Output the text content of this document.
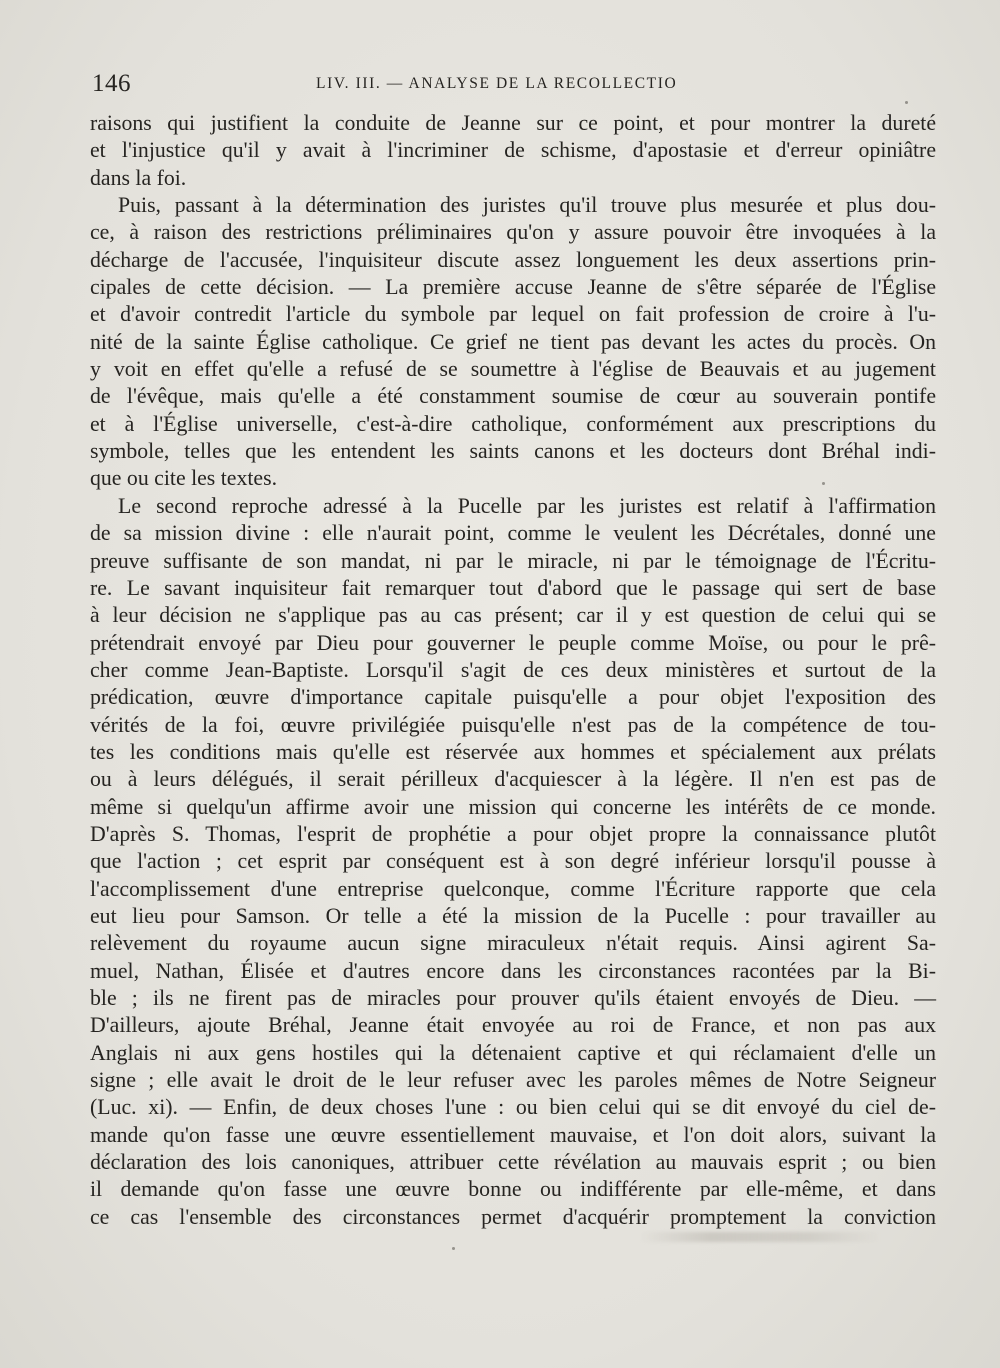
146	LIV. III. — ANALYSE DE LA RECOLLECTIO

raisons qui justifient la conduite de Jeanne sur ce point, et pour montrer la dureté
et l'injustice qu'il y avait à l'incriminer de schisme, d'apostasie et d'erreur opiniâtre
dans la foi.

Puis, passant à la détermination des juristes qu'il trouve plus mesurée et plus dou-
ce, à raison des restrictions préliminaires qu'on y assure pouvoir être invoquées à la
décharge de l'accusée, l'inquisiteur discute assez longuement les deux assertions prin-
cipales de cette décision. — La première accuse Jeanne de s'être séparée de l'Église
et d'avoir contredit l'article du symbole par lequel on fait profession de croire à l'u-
nité de la sainte Église catholique. Ce grief ne tient pas devant les actes du procès. On
y voit en effet qu'elle a refusé de se soumettre à l'église de Beauvais et au jugement
de l'évêque, mais qu'elle a été constamment soumise de cœur au souverain pontife
et à l'Église universelle, c'est-à-dire catholique, conformément aux prescriptions du
symbole, telles que les entendent les saints canons et les docteurs dont Bréhal indi-
que ou cite les textes.

Le second reproche adressé à la Pucelle par les juristes est relatif à l'affirmation
de sa mission divine : elle n'aurait point, comme le veulent les Décrétales, donné une
preuve suffisante de son mandat, ni par le miracle, ni par le témoignage de l'Écritu-
re. Le savant inquisiteur fait remarquer tout d'abord que le passage qui sert de base
à leur décision ne s'applique pas au cas présent; car il y est question de celui qui se
prétendrait envoyé par Dieu pour gouverner le peuple comme Moïse, ou pour le prê-
cher comme Jean-Baptiste. Lorsqu'il s'agit de ces deux ministères et surtout de la
prédication, œuvre d'importance capitale puisqu'elle a pour objet l'exposition des
vérités de la foi, œuvre privilégiée puisqu'elle n'est pas de la compétence de tou-
tes les conditions mais qu'elle est réservée aux hommes et spécialement aux prélats
ou à leurs délégués, il serait périlleux d'acquiescer à la légère. Il n'en est pas de
même si quelqu'un affirme avoir une mission qui concerne les intérêts de ce monde.
D'après S. Thomas, l'esprit de prophétie a pour objet propre la connaissance plutôt
que l'action ; cet esprit par conséquent est à son degré inférieur lorsqu'il pousse à
l'accomplissement d'une entreprise quelconque, comme l'Écriture rapporte que cela
eut lieu pour Samson. Or telle a été la mission de la Pucelle : pour travailler au
relèvement du royaume aucun signe miraculeux n'était requis. Ainsi agirent Sa-
muel, Nathan, Élisée et d'autres encore dans les circonstances racontées par la Bi-
ble ; ils ne firent pas de miracles pour prouver qu'ils étaient envoyés de Dieu. —
D'ailleurs, ajoute Bréhal, Jeanne était envoyée au roi de France, et non pas aux
Anglais ni aux gens hostiles qui la détenaient captive et qui réclamaient d'elle un
signe ; elle avait le droit de le leur refuser avec les paroles mêmes de Notre Seigneur
(Luc. xi). — Enfin, de deux choses l'une : ou bien celui qui se dit envoyé du ciel de-
mande qu'on fasse une œuvre essentiellement mauvaise, et l'on doit alors, suivant la
déclaration des lois canoniques, attribuer cette révélation au mauvais esprit ; ou bien
il demande qu'on fasse une œuvre bonne ou indifférente par elle-même, et dans
ce cas l'ensemble des circonstances permet d'acquérir promptement la conviction
